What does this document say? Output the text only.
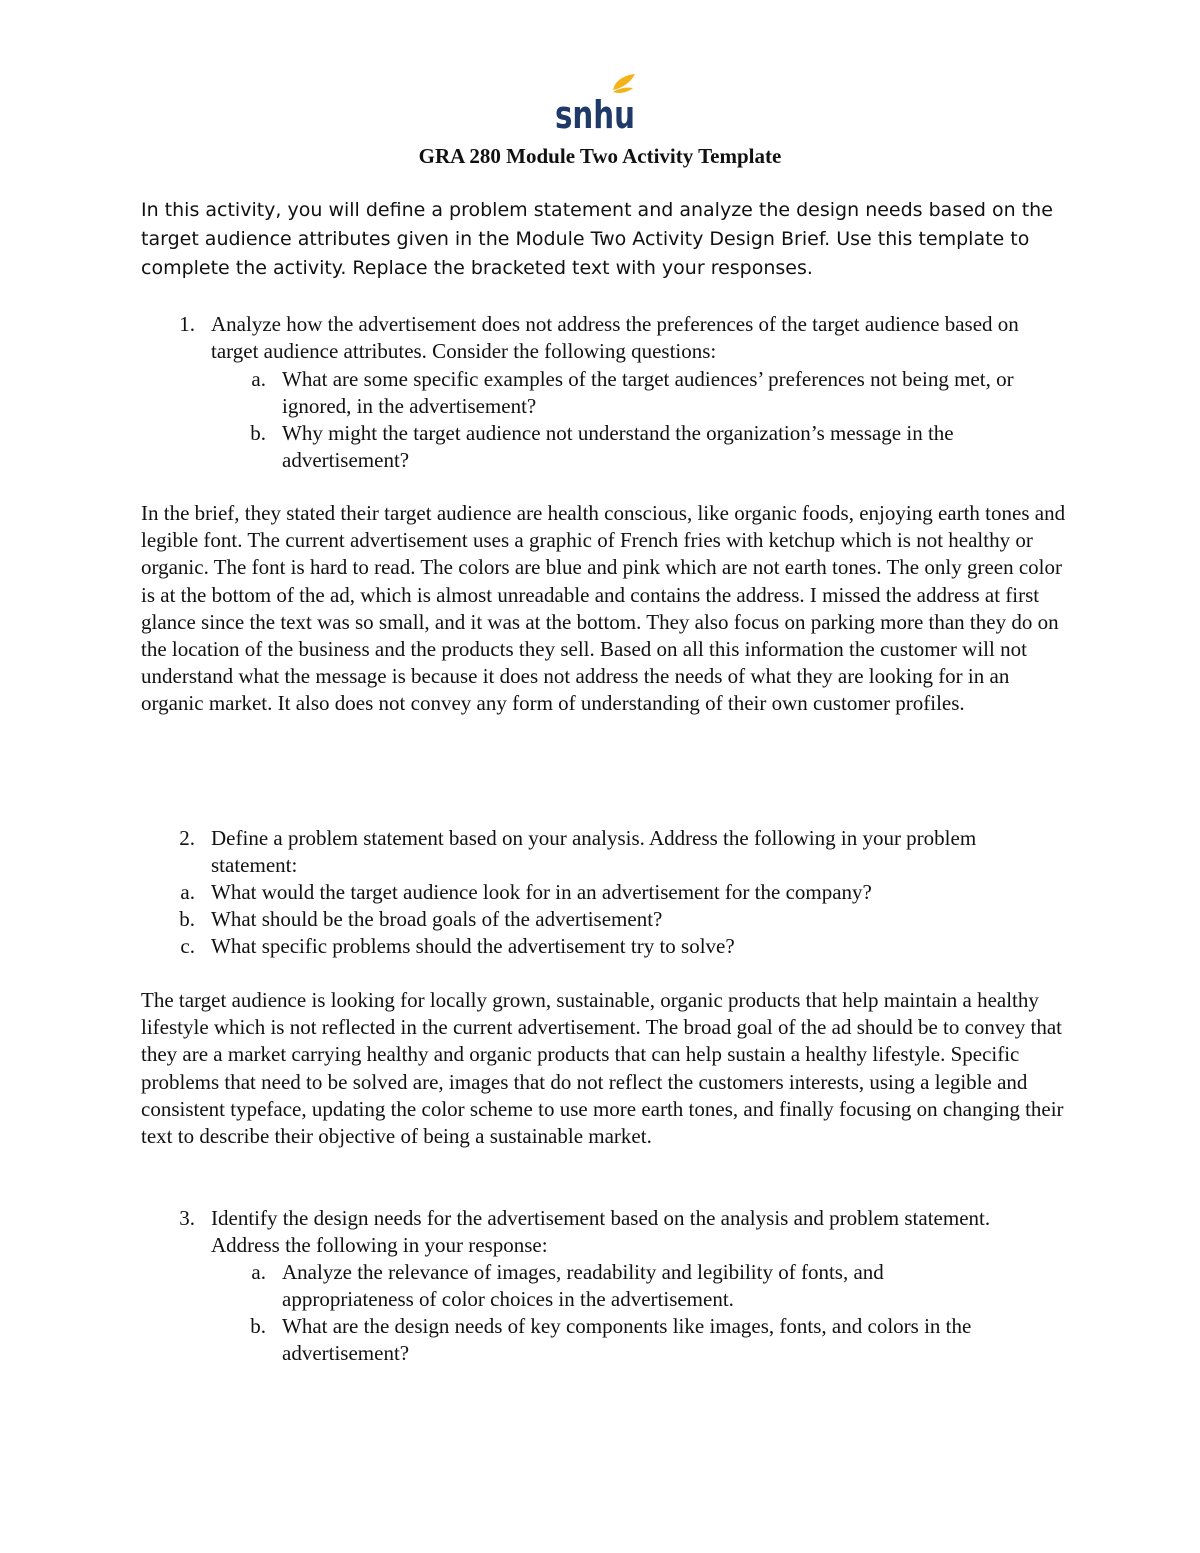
snhu
GRA 280 Module Two Activity Template

In this activity, you will define a problem statement and analyze the design needs based on the target audience attributes given in the Module Two Activity Design Brief. Use this template to complete the activity. Replace the bracketed text with your responses.

1. Analyze how the advertisement does not address the preferences of the target audience based on target audience attributes. Consider the following questions:
a. What are some specific examples of the target audiences’ preferences not being met, or ignored, in the advertisement?
b. Why might the target audience not understand the organization’s message in the advertisement?

In the brief, they stated their target audience are health conscious, like organic foods, enjoying earth tones and legible font. The current advertisement uses a graphic of French fries with ketchup which is not healthy or organic. The font is hard to read. The colors are blue and pink which are not earth tones. The only green color is at the bottom of the ad, which is almost unreadable and contains the address. I missed the address at first glance since the text was so small, and it was at the bottom. They also focus on parking more than they do on the location of the business and the products they sell. Based on all this information the customer will not understand what the message is because it does not address the needs of what they are looking for in an organic market. It also does not convey any form of understanding of their own customer profiles.

2. Define a problem statement based on your analysis. Address the following in your problem statement:
a. What would the target audience look for in an advertisement for the company?
b. What should be the broad goals of the advertisement?
c. What specific problems should the advertisement try to solve?

The target audience is looking for locally grown, sustainable, organic products that help maintain a healthy lifestyle which is not reflected in the current advertisement. The broad goal of the ad should be to convey that they are a market carrying healthy and organic products that can help sustain a healthy lifestyle. Specific problems that need to be solved are, images that do not reflect the customers interests, using a legible and consistent typeface, updating the color scheme to use more earth tones, and finally focusing on changing their text to describe their objective of being a sustainable market.

3. Identify the design needs for the advertisement based on the analysis and problem statement. Address the following in your response:
a. Analyze the relevance of images, readability and legibility of fonts, and appropriateness of color choices in the advertisement.
b. What are the design needs of key components like images, fonts, and colors in the advertisement?
